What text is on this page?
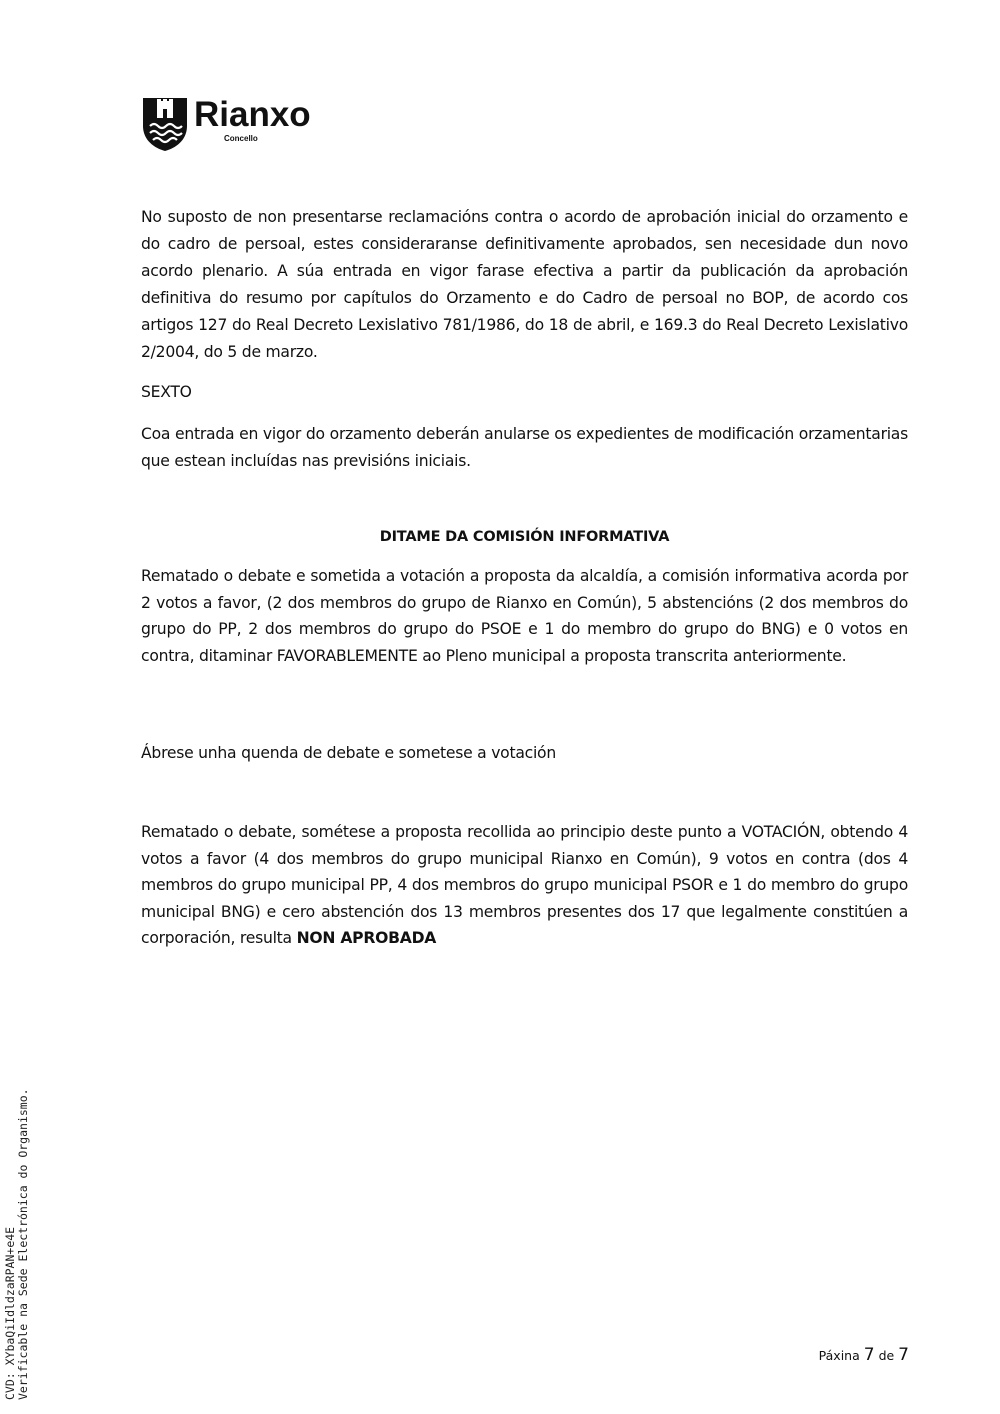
Rianxo
Concello

No suposto de non presentarse reclamacións contra o acordo de aprobación inicial do orzamento e do cadro de persoal, estes consideraranse definitivamente aprobados, sen necesidade dun novo acordo plenario. A súa entrada en vigor farase efectiva a partir da publicación da aprobación definitiva do resumo por capítulos do Orzamento e do Cadro de persoal no BOP, de acordo cos artigos 127 do Real Decreto Lexislativo 781/1986, do 18 de abril, e 169.3 do Real Decreto Lexislativo 2/2004, do 5 de marzo.

SEXTO

Coa entrada en vigor do orzamento deberán anularse os expedientes de modificación orzamentarias que estean incluídas nas previsións iniciais.

DITAME DA COMISIÓN INFORMATIVA

Rematado o debate e sometida a votación a proposta da alcaldía, a comisión informativa acorda por 2 votos a favor, (2 dos membros do grupo de Rianxo en Común), 5 abstencións (2 dos membros do grupo do PP, 2 dos membros do grupo do PSOE e 1 do membro do grupo do BNG) e 0 votos en contra, ditaminar FAVORABLEMENTE ao Pleno municipal a proposta transcrita anteriormente.

Ábrese unha quenda de debate e sometese a votación

Rematado o debate, sométese a proposta recollida ao principio deste punto a VOTACIÓN, obtendo 4 votos a favor (4 dos membros do grupo municipal Rianxo en Común), 9 votos en contra (dos 4 membros do grupo municipal PP, 4 dos membros do grupo municipal PSOR e 1 do membro do grupo municipal BNG) e cero abstención dos 13 membros presentes dos 17 que legalmente constitúen a corporación, resulta NON APROBADA

Páxina 7 de 7
CVD: XYbaQiIdldzaRPAN+e4E Verificable na Sede Electrónica do Organismo.
